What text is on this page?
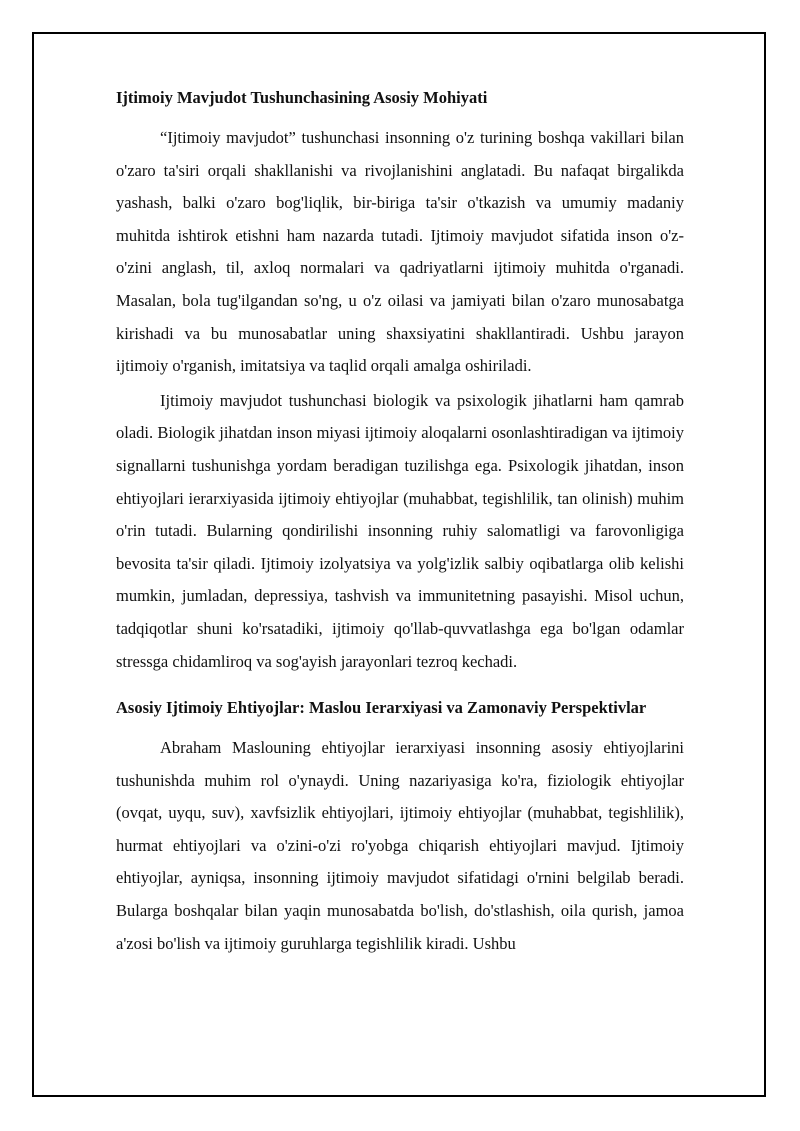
Ijtimoiy Mavjudot Tushunchasining Asosiy Mohiyati

“Ijtimoiy mavjudot” tushunchasi insonning o'z turining boshqa vakillari bilan o'zaro ta'siri orqali shakllanishi va rivojlanishini anglatadi. Bu nafaqat birgalikda yashash, balki o'zaro bog'liqlik, bir-biriga ta'sir o'tkazish va umumiy madaniy muhitda ishtirok etishni ham nazarda tutadi. Ijtimoiy mavjudot sifatida inson o'z-o'zini anglash, til, axloq normalari va qadriyatlarni ijtimoiy muhitda o'rganadi. Masalan, bola tug'ilgandan so'ng, u o'z oilasi va jamiyati bilan o'zaro munosabatga kirishadi va bu munosabatlar uning shaxsiyatini shakllantiradi. Ushbu jarayon ijtimoiy o'rganish, imitatsiya va taqlid orqali amalga oshiriladi.

Ijtimoiy mavjudot tushunchasi biologik va psixologik jihatlarni ham qamrab oladi. Biologik jihatdan inson miyasi ijtimoiy aloqalarni osonlashtiradigan va ijtimoiy signallarni tushunishga yordam beradigan tuzilishga ega. Psixologik jihatdan, inson ehtiyojlari ierarxiyasida ijtimoiy ehtiyojlar (muhabbat, tegishlilik, tan olinish) muhim o'rin tutadi. Bularning qondirilishi insonning ruhiy salomatligi va farovonligiga bevosita ta'sir qiladi. Ijtimoiy izolyatsiya va yolg'izlik salbiy oqibatlarga olib kelishi mumkin, jumladan, depressiya, tashvish va immunitetning pasayishi. Misol uchun, tadqiqotlar shuni ko'rsatadiki, ijtimoiy qo'llab-quvvatlashga ega bo'lgan odamlar stressga chidamliroq va sog'ayish jarayonlari tezroq kechadi.

Asosiy Ijtimoiy Ehtiyojlar: Maslou Ierarxiyasi va Zamonaviy Perspektivlar

Abraham Maslouning ehtiyojlar ierarxiyasi insonning asosiy ehtiyojlarini tushunishda muhim rol o'ynaydi. Uning nazariyasiga ko'ra, fiziologik ehtiyojlar (ovqat, uyqu, suv), xavfsizlik ehtiyojlari, ijtimoiy ehtiyojlar (muhabbat, tegishlilik), hurmat ehtiyojlari va o'zini-o'zi ro'yobga chiqarish ehtiyojlari mavjud. Ijtimoiy ehtiyojlar, ayniqsa, insonning ijtimoiy mavjudot sifatidagi o'rnini belgilab beradi. Bularga boshqalar bilan yaqin munosabatda bo'lish, do'stlashish, oila qurish, jamoa a'zosi bo'lish va ijtimoiy guruhlarga tegishlilik kiradi. Ushbu
